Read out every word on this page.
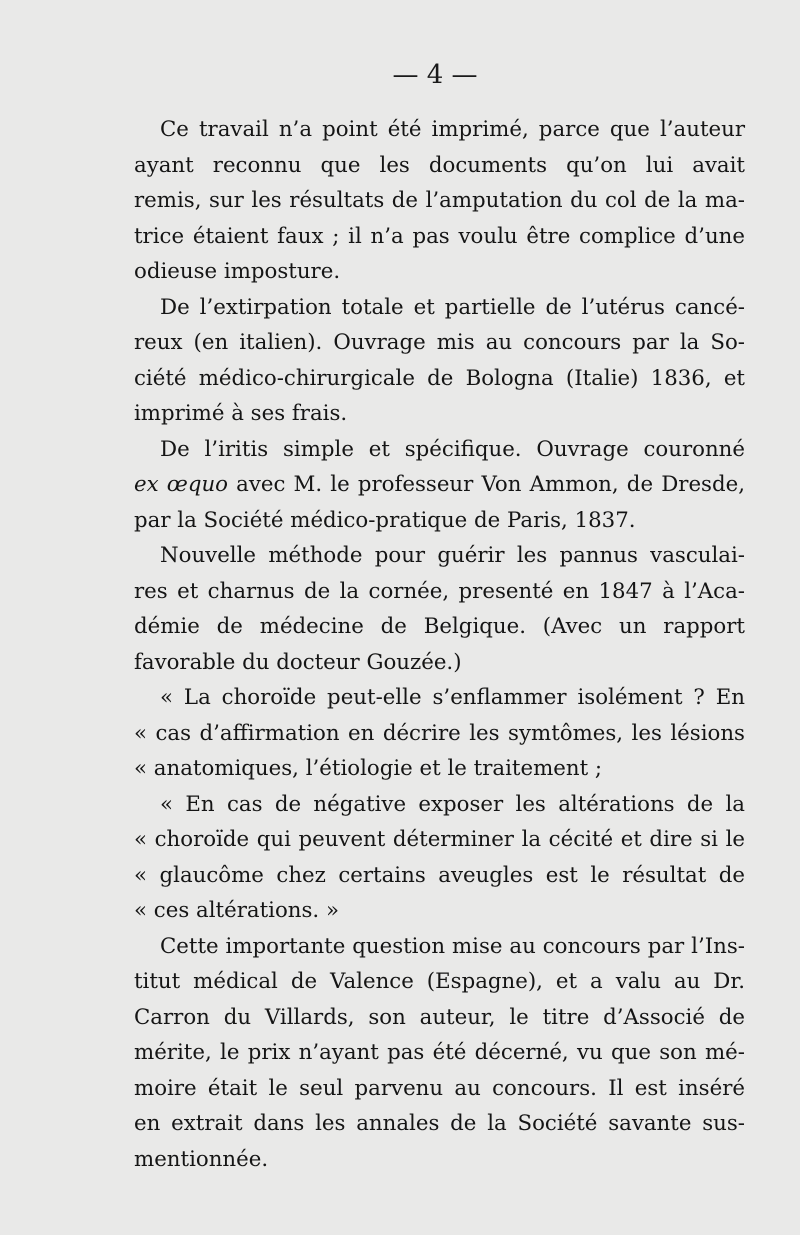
— 4 —
Ce travail n’a point été imprimé, parce que l’auteur
ayant reconnu que les documents qu’on lui avait
remis, sur les résultats de l’amputation du col de la ma-
trice étaient faux ; il n’a pas voulu être complice d’une
odieuse imposture.
De l’extirpation totale et partielle de l’utérus cancé-
reux (en italien). Ouvrage mis au concours par la So-
ciété médico-chirurgicale de Bologna (Italie) 1836, et
imprimé à ses frais.
De l’iritis simple et spécifique. Ouvrage couronné
ex œquo avec M. le professeur Von Ammon, de Dresde,
par la Société médico-pratique de Paris, 1837.
Nouvelle méthode pour guérir les pannus vasculai-
res et charnus de la cornée, presenté en 1847 à l’Aca-
démie de médecine de Belgique. (Avec un rapport
favorable du docteur Gouzée.)
« La choroïde peut-elle s’enflammer isolément ? En
« cas d’affirmation en décrire les symtômes, les lésions
« anatomiques, l’étiologie et le traitement ;
« En cas de négative exposer les altérations de la
« choroïde qui peuvent déterminer la cécité et dire si le
« glaucôme chez certains aveugles est le résultat de
« ces altérations. »
Cette importante question mise au concours par l’Ins-
titut médical de Valence (Espagne), et a valu au Dr.
Carron du Villards, son auteur, le titre d’Associé de
mérite, le prix n’ayant pas été décerné, vu que son mé-
moire était le seul parvenu au concours. Il est inséré
en extrait dans les annales de la Société savante sus-
mentionnée.
